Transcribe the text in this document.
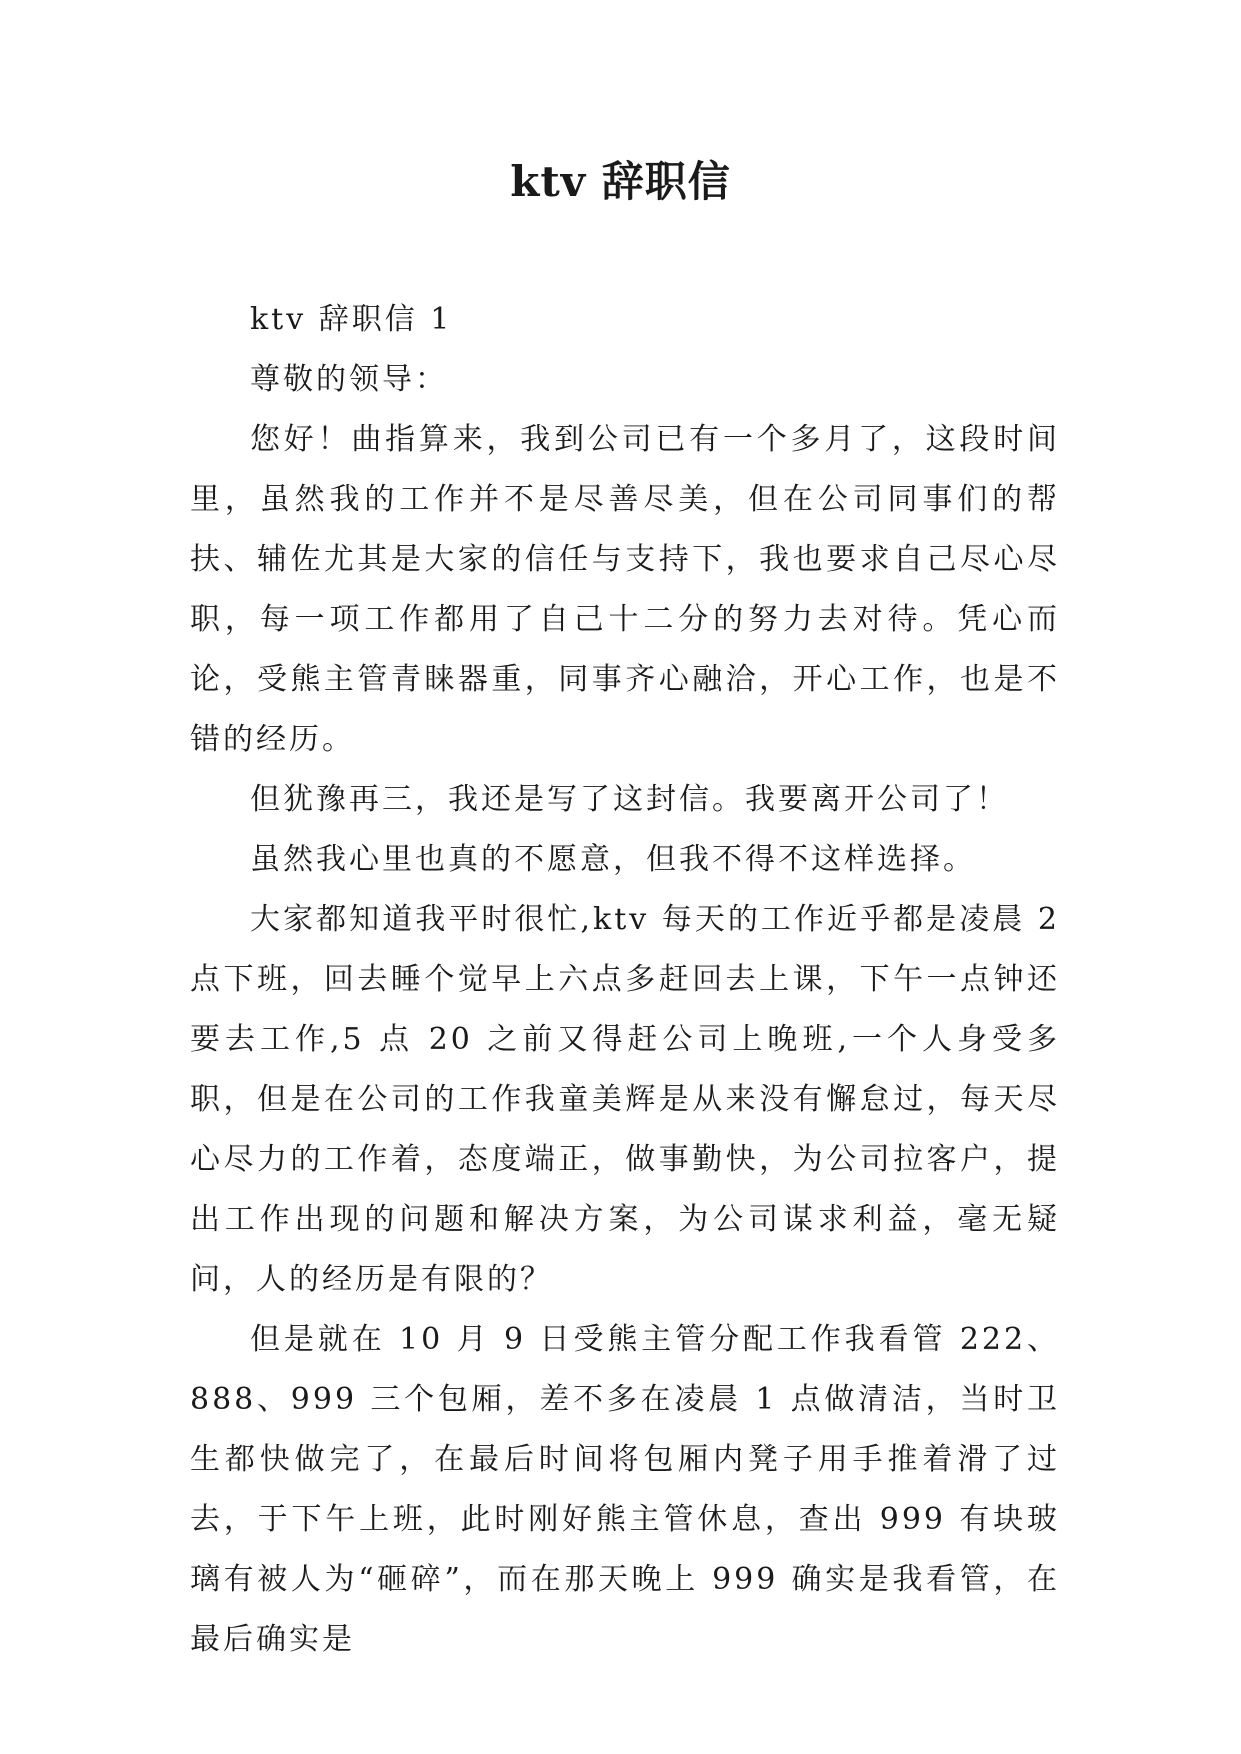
ktv 辞职信

ktv 辞职信 1

尊敬的领导：

您好！曲指算来，我到公司已有一个多月了，这段时间里，虽然我的工作并不是尽善尽美，但在公司同事们的帮扶、辅佐尤其是大家的信任与支持下，我也要求自己尽心尽职，每一项工作都用了自己十二分的努力去对待。凭心而论，受熊主管青睐器重，同事齐心融洽，开心工作，也是不错的经历。

但犹豫再三，我还是写了这封信。我要离开公司了！

虽然我心里也真的不愿意，但我不得不这样选择。

大家都知道我平时很忙,ktv 每天的工作近乎都是凌晨 2 点下班，回去睡个觉早上六点多赶回去上课，下午一点钟还要去工作,5 点 20 之前又得赶公司上晚班,一个人身受多职，但是在公司的工作我童美辉是从来没有懈怠过，每天尽心尽力的工作着，态度端正，做事勤快，为公司拉客户，提出工作出现的问题和解决方案，为公司谋求利益，毫无疑问，人的经历是有限的？

但是就在 10 月 9 日受熊主管分配工作我看管 222、888、999 三个包厢，差不多在凌晨 1 点做清洁，当时卫生都快做完了，在最后时间将包厢内凳子用手推着滑了过去，于下午上班，此时刚好熊主管休息，查出 999 有块玻璃有被人为“砸碎”，而在那天晚上 999 确实是我看管，在最后确实是
